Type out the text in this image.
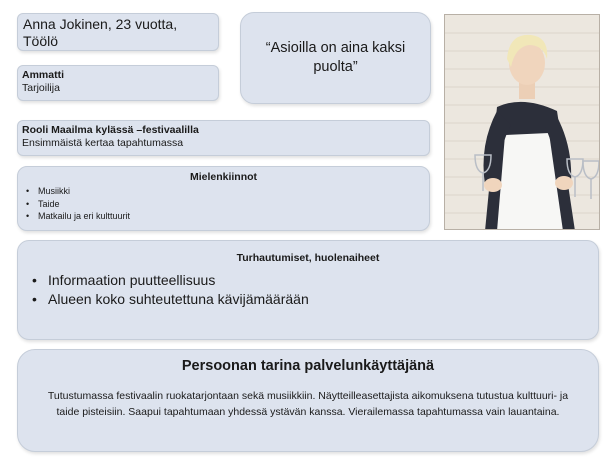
Anna Jokinen, 23 vuotta,
Töölö	“Asioilla on aina kaksi puolta”
Ammatti
Tarjoilija
Rooli Maailma kylässä –festivaalilla
Ensimmäistä kertaa tapahtumassa
Mielenkiinnot
• Musiikki
• Taide
• Matkailu ja eri kulttuurit
Turhautumiset, huolenaiheet
• Informaation puutteellisuus
• Alueen koko suhteutettuna kävijämäärään
Persoonan tarina palvelunkäyttäjänä
Tutustumassa festivaalin ruokatarjontaan sekä musiikkiin. Näytteilleasettajista aikomuksena tutustua kulttuuri- ja taide pisteisiin. Saapui tapahtumaan yhdessä ystävän kanssa. Vierailemassa tapahtumassa vain lauantaina.
